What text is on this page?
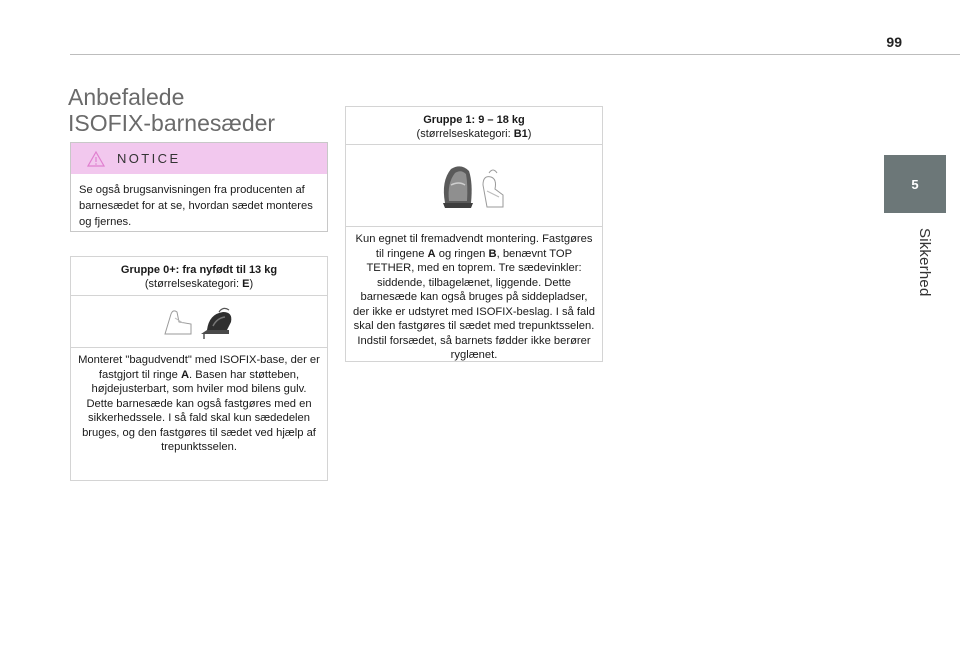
99
5
Sikkerhed
Anbefalede
ISOFIX-barnesæder
NOTICE
Se også brugsanvisningen fra producenten af barnesædet for at se, hvordan sædet monteres og fjernes.
Gruppe 0+: fra nyfødt til 13 kg
(størrelseskategori: E)
Monteret "bagudvendt" med ISOFIX-base, der er fastgjort til ringe A. Basen har støtteben, højdejusterbart, som hviler mod bilens gulv. Dette barnesæde kan også fastgøres med en sikkerhedssele. I så fald skal kun sædedelen bruges, og den fastgøres til sædet ved hjælp af trepunktsselen.
Gruppe 1: 9 – 18 kg
(størrelseskategori: B1)
Kun egnet til fremadvendt montering. Fastgøres til ringene A og ringen B, benævnt TOP TETHER, med en toprem. Tre sædevinkler: siddende, tilbagelænet, liggende. Dette barnesæde kan også bruges på siddepladser, der ikke er udstyret med ISOFIX-beslag. I så fald skal den fastgøres til sædet med trepunktsselen. Indstil forsædet, så barnets fødder ikke berører ryglænet.
